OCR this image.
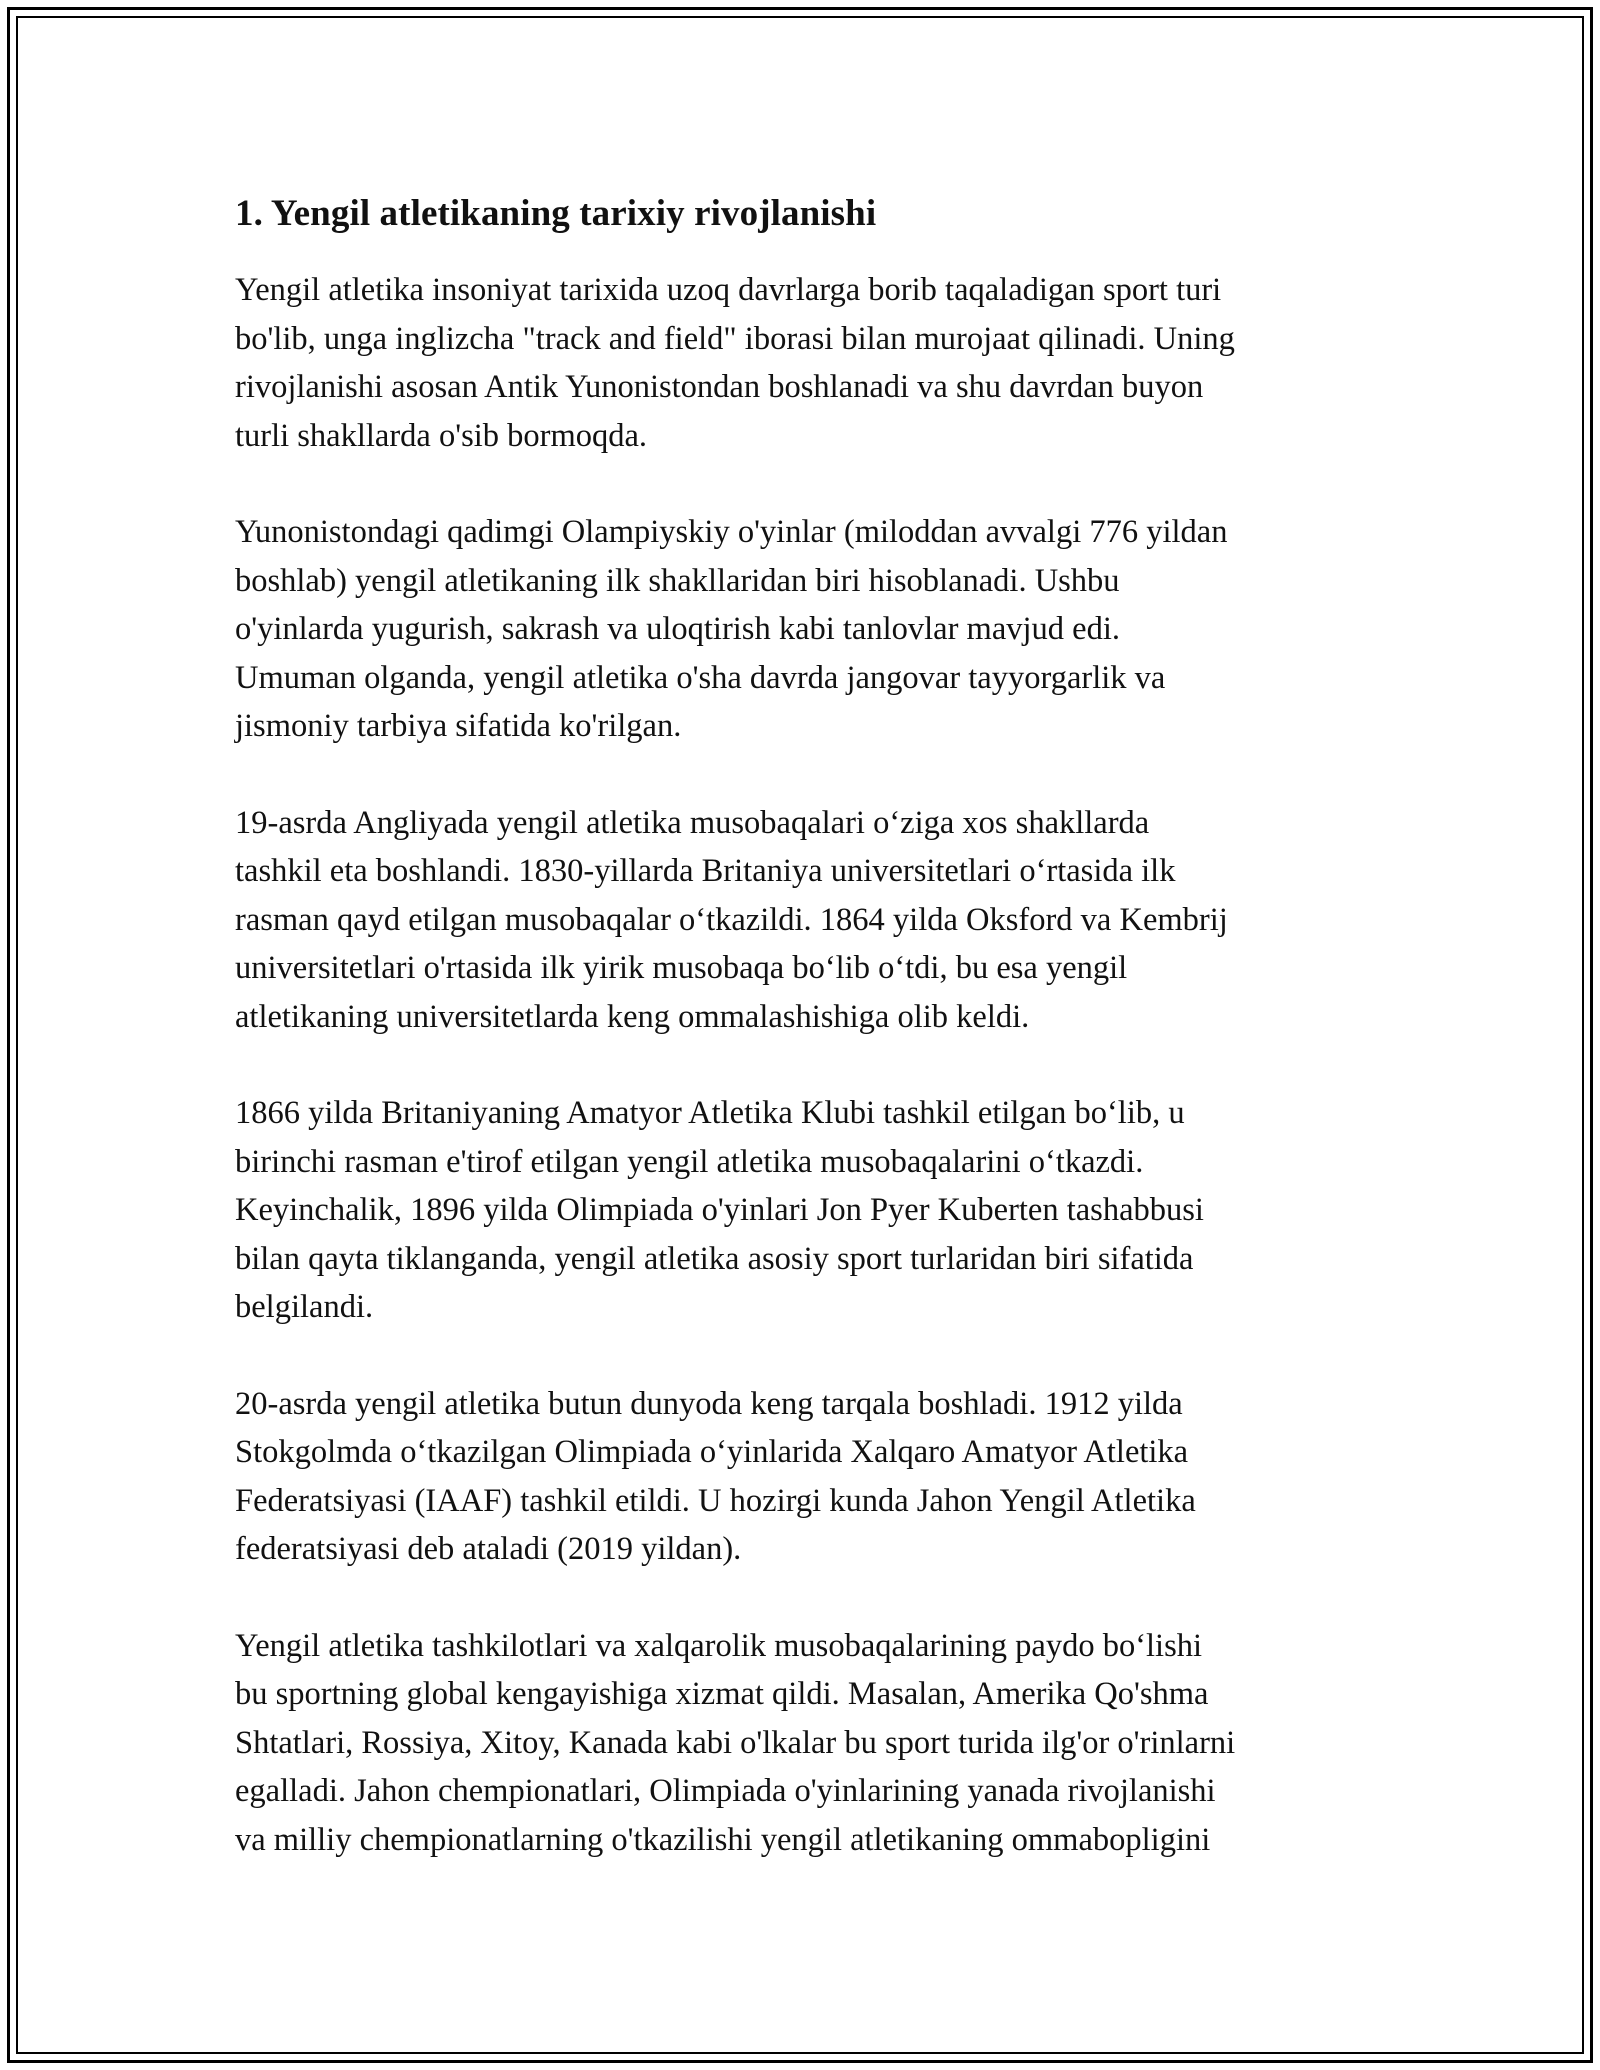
1. Yengil atletikaning tarixiy rivojlanishi

Yengil atletika insoniyat tarixida uzoq davrlarga borib taqaladigan sport turi
bo'lib, unga inglizcha "track and field" iborasi bilan murojaat qilinadi. Uning
rivojlanishi asosan Antik Yunonistondan boshlanadi va shu davrdan buyon
turli shakllarda o'sib bormoqda.

Yunonistondagi qadimgi Olampiyskiy o'yinlar (miloddan avvalgi 776 yildan
boshlab) yengil atletikaning ilk shakllaridan biri hisoblanadi. Ushbu
o'yinlarda yugurish, sakrash va uloqtirish kabi tanlovlar mavjud edi.
Umuman olganda, yengil atletika o'sha davrda jangovar tayyorgarlik va
jismoniy tarbiya sifatida ko'rilgan.

19-asrda Angliyada yengil atletika musobaqalari o‘ziga xos shakllarda
tashkil eta boshlandi. 1830-yillarda Britaniya universitetlari o‘rtasida ilk
rasman qayd etilgan musobaqalar o‘tkazildi. 1864 yilda Oksford va Kembrij
universitetlari o'rtasida ilk yirik musobaqa bo‘lib o‘tdi, bu esa yengil
atletikaning universitetlarda keng ommalashishiga olib keldi.

1866 yilda Britaniyaning Amatyor Atletika Klubi tashkil etilgan bo‘lib, u
birinchi rasman e'tirof etilgan yengil atletika musobaqalarini o‘tkazdi.
Keyinchalik, 1896 yilda Olimpiada o'yinlari Jon Pyer Kuberten tashabbusi
bilan qayta tiklanganda, yengil atletika asosiy sport turlaridan biri sifatida
belgilandi.

20-asrda yengil atletika butun dunyoda keng tarqala boshladi. 1912 yilda
Stokgolmda o‘tkazilgan Olimpiada o‘yinlarida Xalqaro Amatyor Atletika
Federatsiyasi (IAAF) tashkil etildi. U hozirgi kunda Jahon Yengil Atletika
federatsiyasi deb ataladi (2019 yildan).

Yengil atletika tashkilotlari va xalqarolik musobaqalarining paydo bo‘lishi
bu sportning global kengayishiga xizmat qildi. Masalan, Amerika Qo'shma
Shtatlari, Rossiya, Xitoy, Kanada kabi o'lkalar bu sport turida ilg'or o'rinlarni
egalladi. Jahon chempionatlari, Olimpiada o'yinlarining yanada rivojlanishi
va milliy chempionatlarning o'tkazilishi yengil atletikaning ommabopligini
